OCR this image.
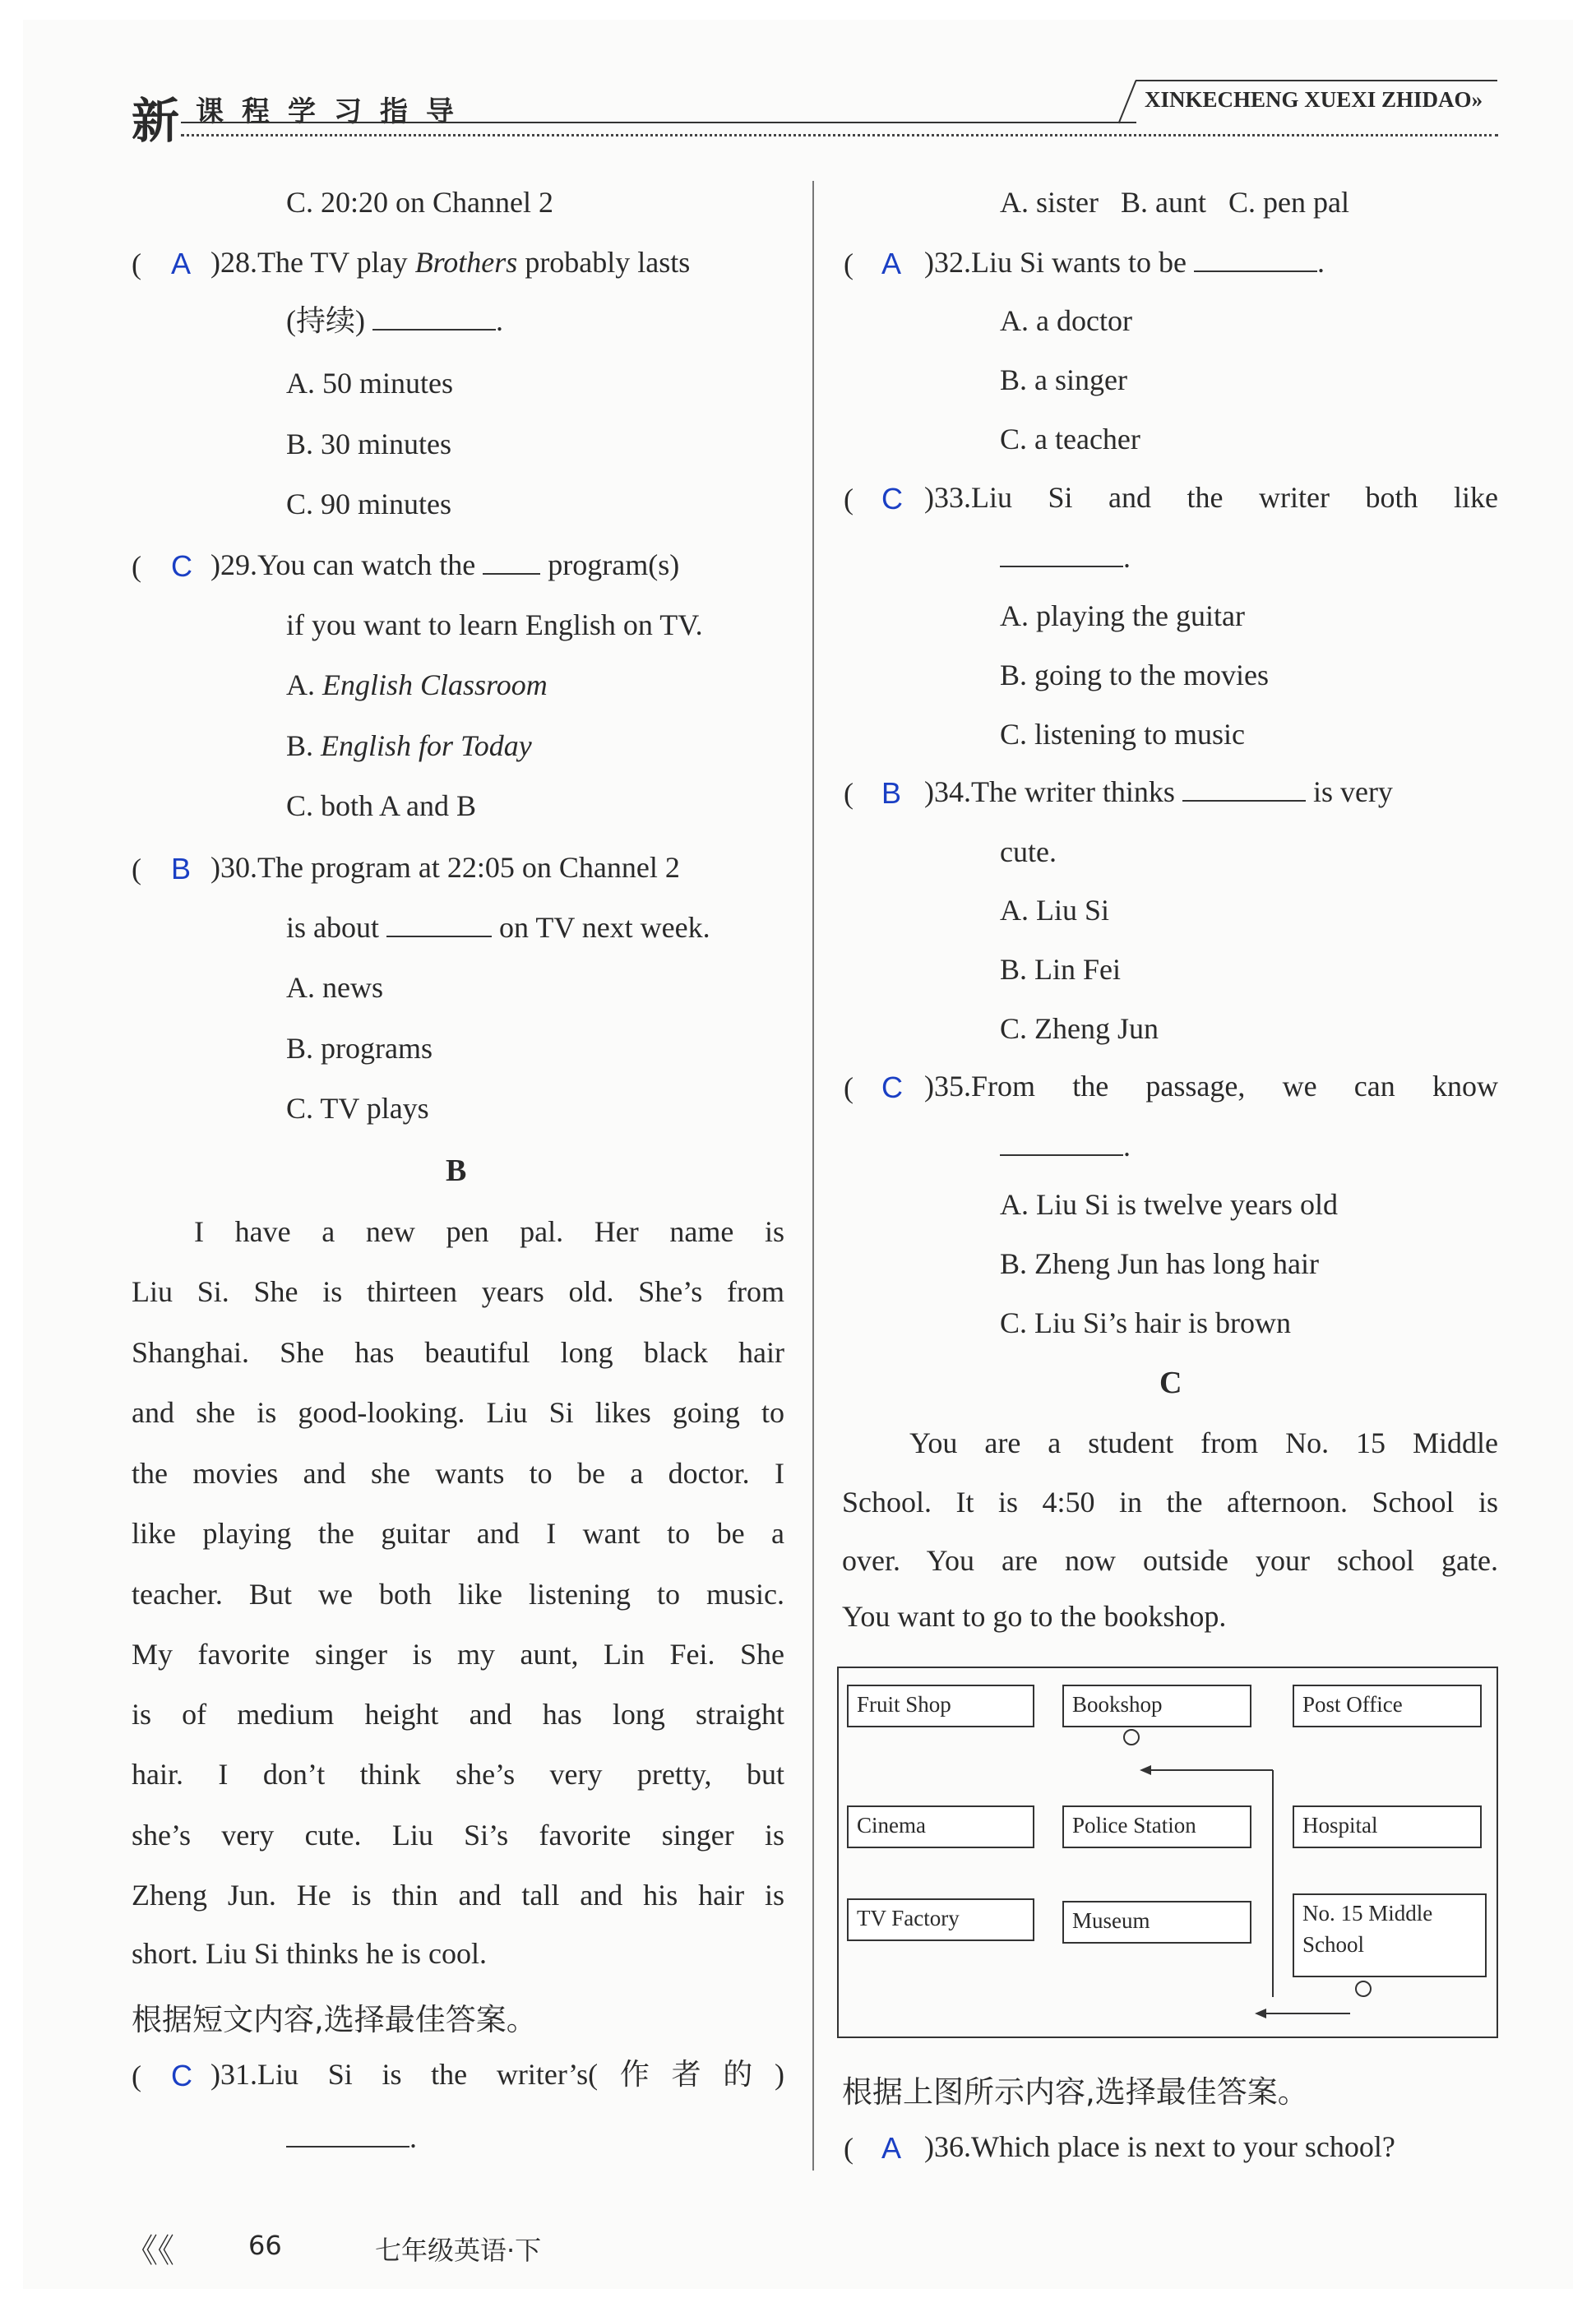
新 课程学习指导	XINKECHENG XUEXI ZHIDAO»
C. 20:20 on Channel 2
( A )28.The TV play Brothers probably lasts
(持续)	.
A. 50 minutes
B. 30 minutes
C. 90 minutes
( C )29.You can watch the  program(s)
if you want to learn English on TV.
A. English Classroom
B. English for Today
C. both A and B
( B )30.The program at 22:05 on Channel 2
is about	on TV next week.
A. news
B. programs
C. TV plays
B
I have a new pen pal. Her name is
Liu Si. She is thirteen years old. She’s from
Shanghai. She has beautiful long black hair
and she is good-looking. Liu Si likes going to
the movies and she wants to be a doctor. I
like playing the guitar and I want to be a
teacher. But we both like listening to music.
My favorite singer is my aunt, Lin Fei. She
is of medium height and has long straight
hair. I don’t think she’s very pretty, but
she’s very cute. Liu Si’s favorite singer is
Zheng Jun. He is thin and tall and his hair is
short. Liu Si thinks he is cool.
根据短文内容,选择最佳答案。
( C )31.Liu Si is the writer’s(作者的)
.
A. sister   B. aunt   C. pen pal
( A )32.Liu Si wants to be	.
A. a doctor
B. a singer
C. a teacher
( C )33.Liu Si and the writer both like
.
A. playing the guitar
B. going to the movies
C. listening to music
( B )34.The writer thinks	is very
cute.
A. Liu Si
B. Lin Fei
C. Zheng Jun
( C )35.From the passage, we can know
.
A. Liu Si is twelve years old
B. Zheng Jun has long hair
C. Liu Si’s hair is brown
C
You are a student from No. 15 Middle
School. It is 4:50 in the afternoon. School is
over. You are now outside your school gate.
You want to go to the bookshop.
Fruit Shop	Bookshop	Post Office
Cinema	Police Station	Hospital
TV Factory	Museum	No. 15 Middle
School
根据上图所示内容,选择最佳答案。
( A )36.Which place is next to your school?
《《	66	七年级英语·下
